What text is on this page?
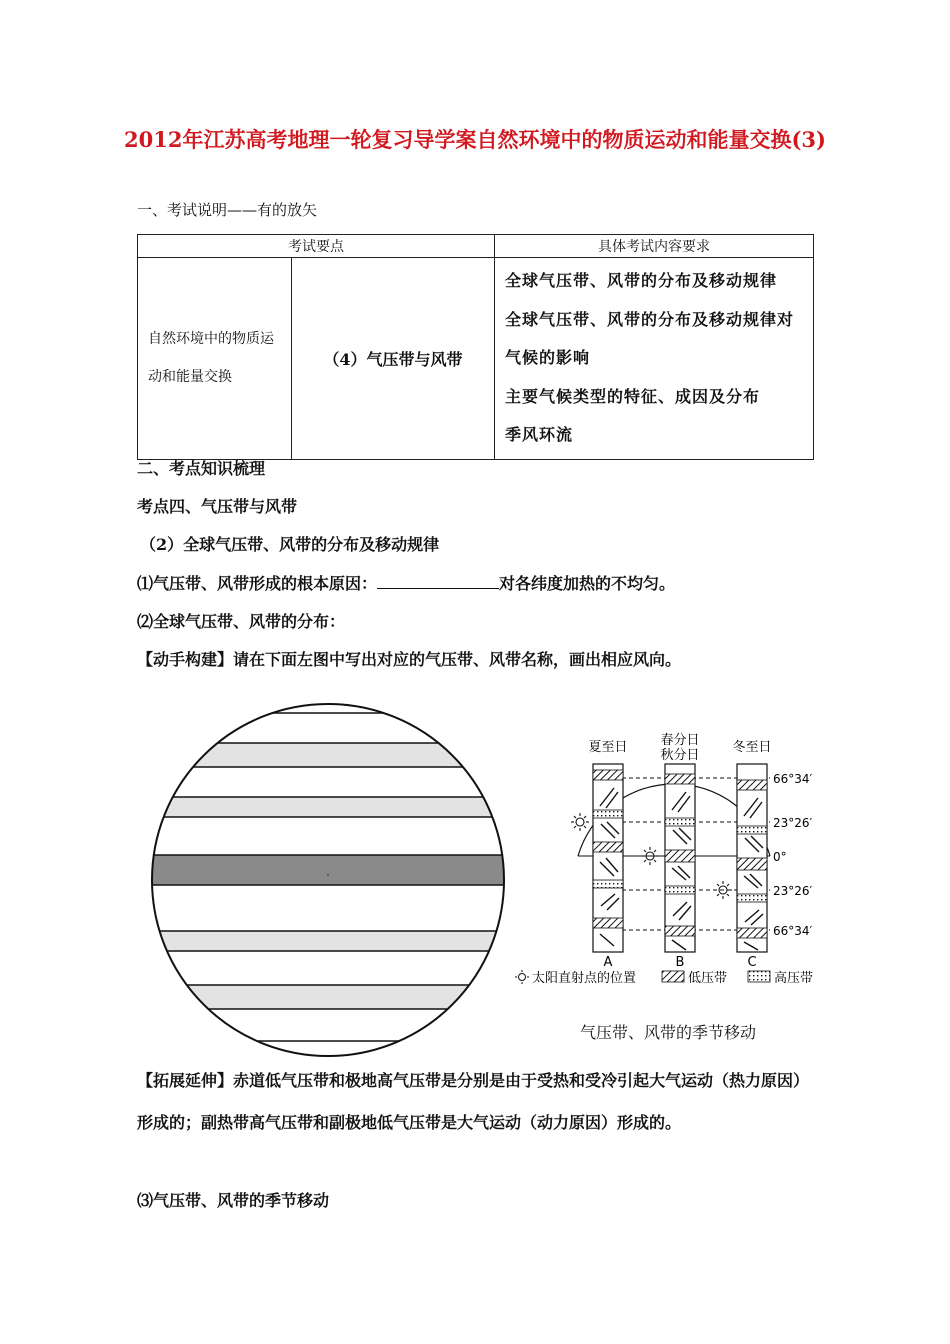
2012年江苏高考地理一轮复习导学案自然环境中的物质运动和能量交换(3)
一、考试说明——有的放矢
考试要点		具体考试内容要求
自然环境中的物质运动和能量交换	（4）气压带与风带	全球气压带、风带的分布及移动规律
全球气压带、风带的分布及移动规律对气候的影响
主要气候类型的特征、成因及分布
季风环流
二、考点知识梳理
考点四、气压带与风带
（2）全球气压带、风带的分布及移动规律
⑴气压带、风带形成的根本原因：	对各纬度加热的不均匀。
⑵全球气压带、风带的分布：
【动手构建】请在下面左图中写出对应的气压带、风带名称，画出相应风向。
夏至日	春分日
秋分日
冬至日
66°34′
23°26′
0°
23°26′
66°34′
A	B	C
太阳直射点的位置	低压带	高压带
气压带、风带的季节移动
【拓展延伸】赤道低气压带和极地高气压带是分别是由于受热和受冷引起大气运动（热力原因）形成的；副热带高气压带和副极地低气压带是大气运动（动力原因）形成的。
⑶气压带、风带的季节移动
